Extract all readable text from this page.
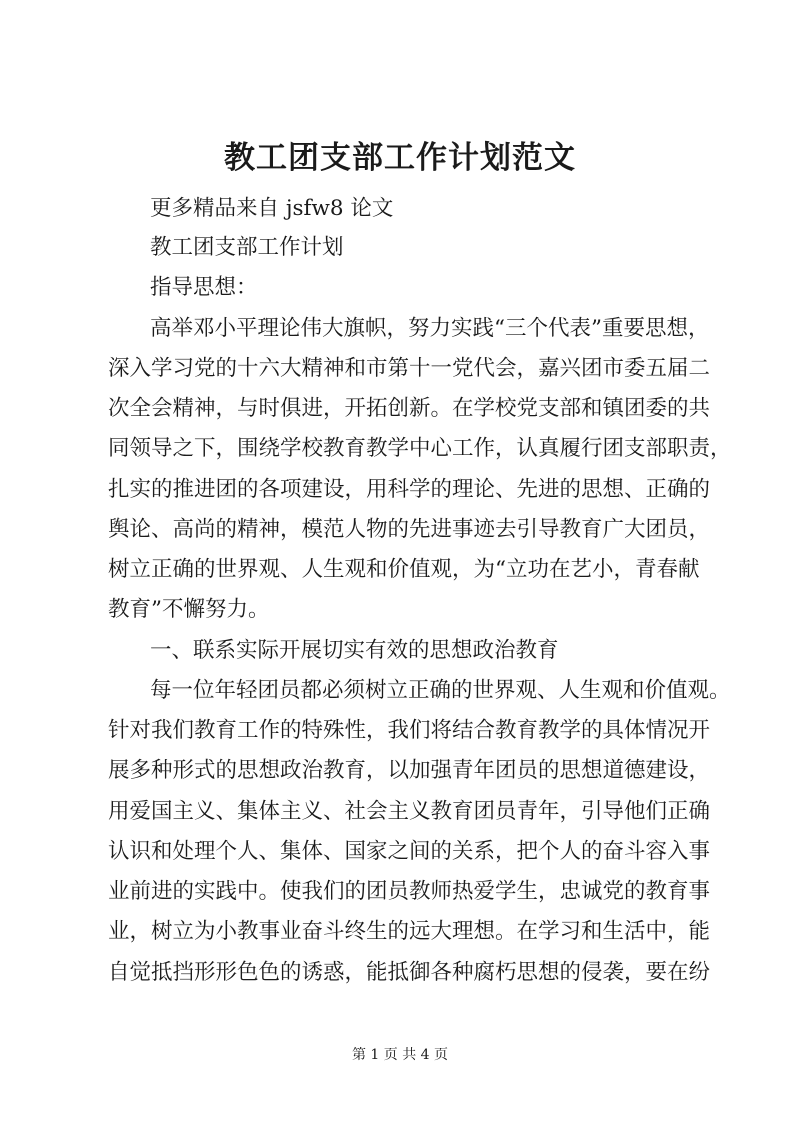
教工团支部工作计划范文

更多精品来自 jsfw8 论文

教工团支部工作计划

指导思想：

高举邓小平理论伟大旗帜，努力实践“三个代表”重要思想，

深入学习党的十六大精神和市第十一党代会，嘉兴团市委五届二

次全会精神，与时俱进，开拓创新。在学校党支部和镇团委的共

同领导之下，围绕学校教育教学中心工作，认真履行团支部职责，

扎实的推进团的各项建设，用科学的理论、先进的思想、正确的

舆论、高尚的精神，模范人物的先进事迹去引导教育广大团员，

树立正确的世界观、人生观和价值观，为“立功在艺小，青春献

教育”不懈努力。

一、联系实际开展切实有效的思想政治教育

每一位年轻团员都必须树立正确的世界观、人生观和价值观。

针对我们教育工作的特殊性，我们将结合教育教学的具体情况开

展多种形式的思想政治教育，以加强青年团员的思想道德建设，

用爱国主义、集体主义、社会主义教育团员青年，引导他们正确

认识和处理个人、集体、国家之间的关系，把个人的奋斗容入事

业前进的实践中。使我们的团员教师热爱学生，忠诚党的教育事

业，树立为小教事业奋斗终生的远大理想。在学习和生活中，能

自觉抵挡形形色色的诱惑，能抵御各种腐朽思想的侵袭，要在纷

第 1 页 共 4 页
